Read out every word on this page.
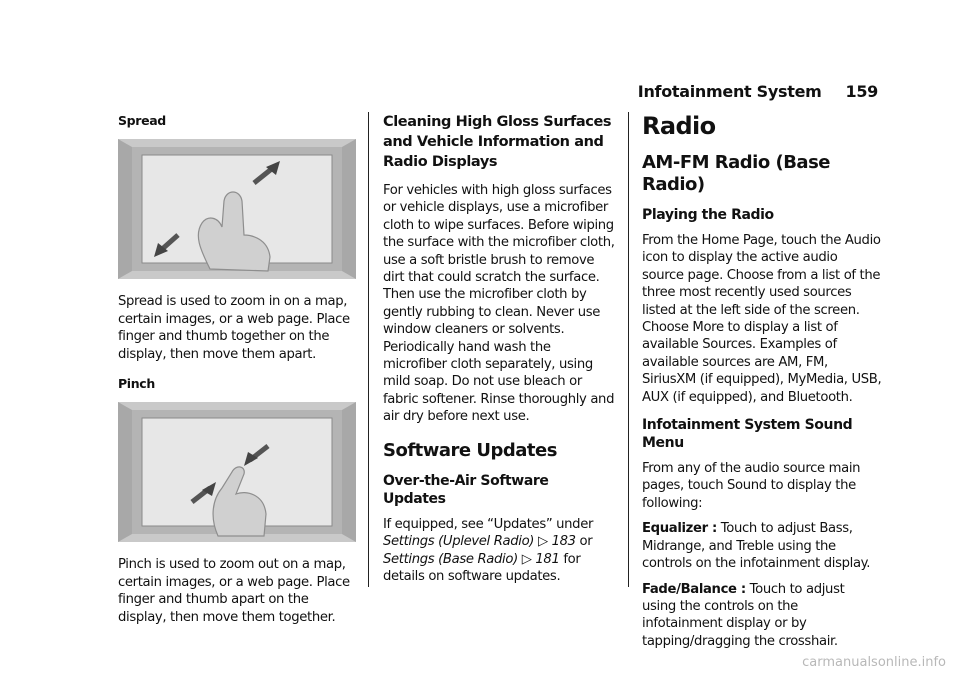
Infotainment System 159
Spread

Spread is used to zoom in on a map, certain images, or a web page. Place finger and thumb together on the display, then move them apart.

Pinch

Pinch is used to zoom out on a map, certain images, or a web page. Place finger and thumb apart on the display, then move them together.

Cleaning High Gloss Surfaces and Vehicle Information and Radio Displays

For vehicles with high gloss surfaces or vehicle displays, use a microfiber cloth to wipe surfaces. Before wiping the surface with the microfiber cloth, use a soft bristle brush to remove dirt that could scratch the surface. Then use the microfiber cloth by gently rubbing to clean. Never use window cleaners or solvents. Periodically hand wash the microfiber cloth separately, using mild soap. Do not use bleach or fabric softener. Rinse thoroughly and air dry before next use.

Software Updates
Over-the-Air Software Updates

If equipped, see “Updates” under Settings (Uplevel Radio) ▷ 183 or Settings (Base Radio) ▷ 181 for details on software updates.

Radio
AM-FM Radio (Base Radio)
Playing the Radio

From the Home Page, touch the Audio icon to display the active audio source page. Choose from a list of the three most recently used sources listed at the left side of the screen. Choose More to display a list of available Sources. Examples of available sources are AM, FM, SiriusXM (if equipped), MyMedia, USB, AUX (if equipped), and Bluetooth.

Infotainment System Sound Menu

From any of the audio source main pages, touch Sound to display the following:

Equalizer : Touch to adjust Bass, Midrange, and Treble using the controls on the infotainment display.

Fade/Balance : Touch to adjust using the controls on the infotainment display or by tapping/dragging the crosshair.

carmanualsonline.info
